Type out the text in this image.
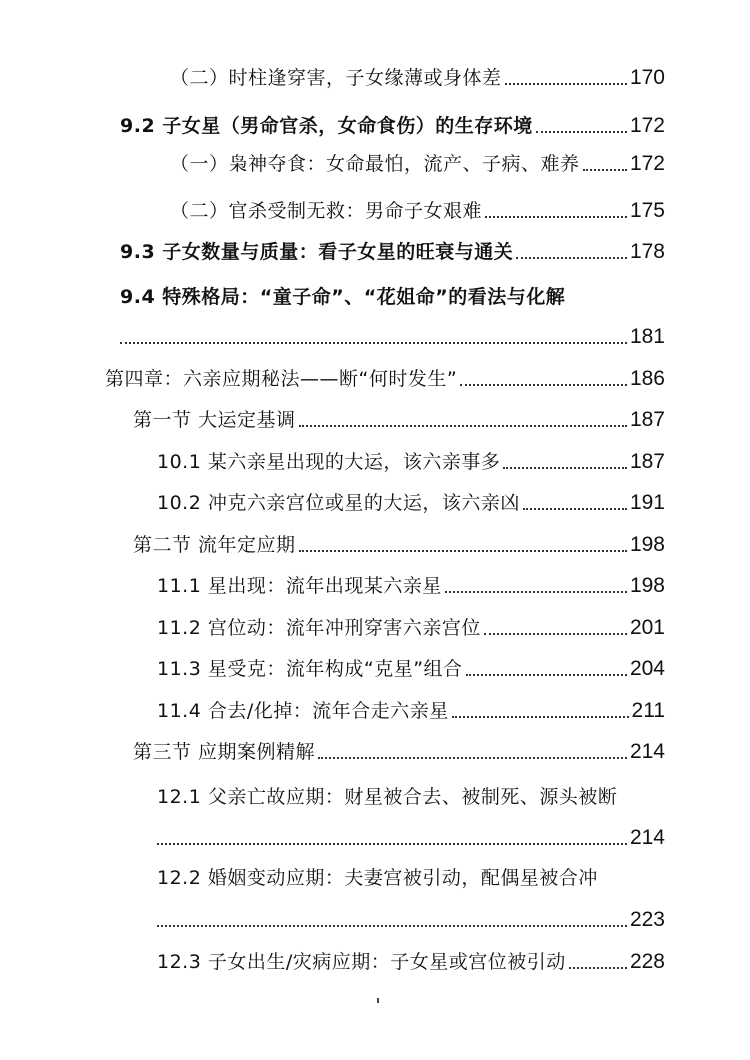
（二）时柱逢穿害，子女缘薄或身体差	170
9.2 子女星（男命官杀，女命食伤）的生存环境	172
（一）枭神夺食：女命最怕，流产、子病、难养 172
（二）官杀受制无救：男命子女艰难	175
9.3 子女数量与质量：看子女星的旺衰与通关	178
9.4 特殊格局：“童子命”、“花姐命”的看法与化解
181
第四章：六亲应期秘法——断“何时发生”	186
第一节 大运定基调	187
10.1 某六亲星出现的大运，该六亲事多	187
10.2 冲克六亲宫位或星的大运，该六亲凶	191
第二节 流年定应期	198
11.1 星出现：流年出现某六亲星	198
11.2 宫位动：流年冲刑穿害六亲宫位	201
11.3 星受克：流年构成“克星”组合	204
11.4 合去/化掉：流年合走六亲星	211
第三节 应期案例精解	214
12.1 父亲亡故应期：财星被合去、被制死、源头被断
214
12.2 婚姻变动应期：夫妻宫被引动，配偶星被合冲
223
12.3 子女出生/灾病应期：子女星或宫位被引动	228
